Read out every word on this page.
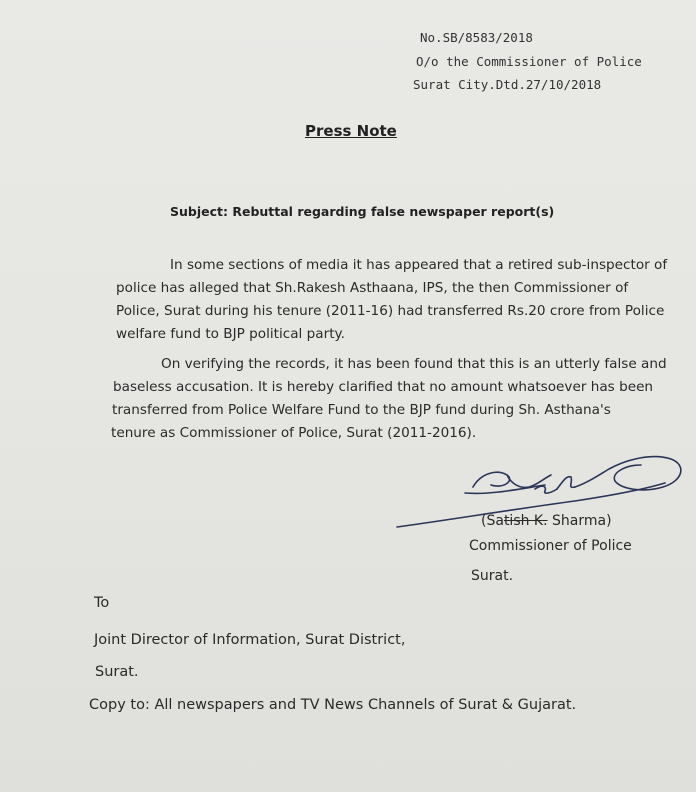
No.SB/8583/2018
O/o the Commissioner of Police
Surat City.Dtd.27/10/2018
Press Note
Subject: Rebuttal regarding false newspaper report(s)
In some sections of media it has appeared that a retired sub-inspector of
police has alleged that Sh.Rakesh Asthaana, IPS, the then Commissioner of
Police, Surat during his tenure (2011-16) had transferred Rs.20 crore from Police
welfare fund to BJP political party.
On verifying the records, it has been found that this is an utterly false and
baseless accusation. It is hereby clarified that no amount whatsoever has been
transferred from Police Welfare Fund to the BJP fund during Sh. Asthana's
tenure as Commissioner of Police, Surat (2011-2016).
(Satish K. Sharma)
Commissioner of Police
Surat.
To
Joint Director of Information, Surat District,
Surat.
Copy to: All newspapers and TV News Channels of Surat & Gujarat.
